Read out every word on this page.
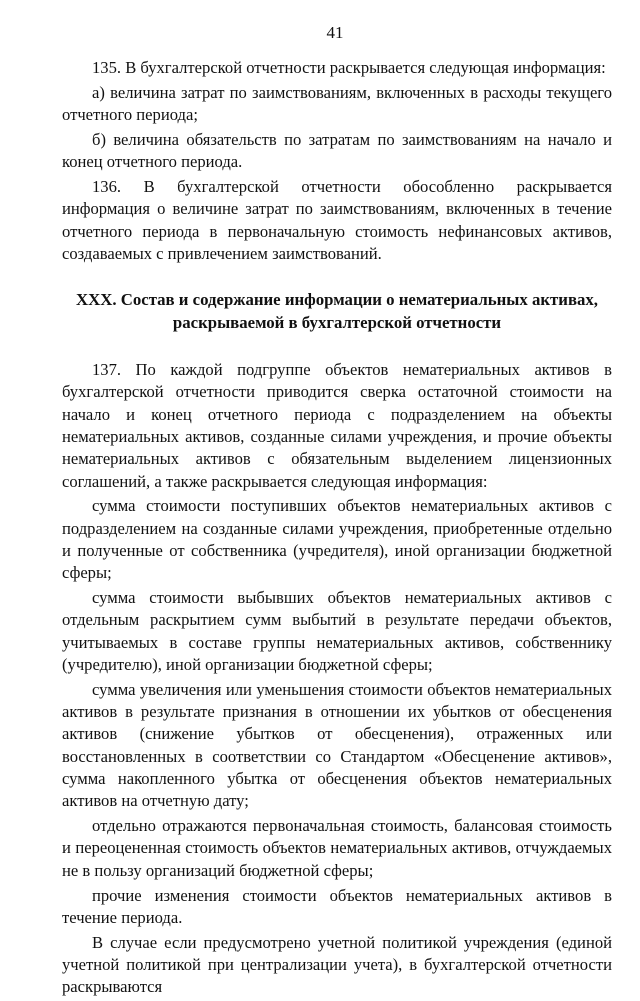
41

135. В бухгалтерской отчетности раскрывается следующая информация:

а) величина затрат по заимствованиям, включенных в расходы текущего отчетного периода;

б) величина обязательств по затратам по заимствованиям на начало и конец отчетного периода.

136. В бухгалтерской отчетности обособленно раскрывается информация о величине затрат по заимствованиям, включенных в течение отчетного периода в первоначальную стоимость нефинансовых активов, создаваемых с привлечением заимствований.

XXX. Состав и содержание информации о нематериальных активах,
раскрываемой в бухгалтерской отчетности

137. По каждой подгруппе объектов нематериальных активов в бухгалтерской отчетности приводится сверка остаточной стоимости на начало и конец отчетного периода с подразделением на объекты нематериальных активов, созданные силами учреждения, и прочие объекты нематериальных активов с обязательным выделением лицензионных соглашений, а также раскрывается следующая информация:

сумма стоимости поступивших объектов нематериальных активов с подразделением на созданные силами учреждения, приобретенные отдельно и полученные от собственника (учредителя), иной организации бюджетной сферы;

сумма стоимости выбывших объектов нематериальных активов с отдельным раскрытием сумм выбытий в результате передачи объектов, учитываемых в составе группы нематериальных активов, собственнику (учредителю), иной организации бюджетной сферы;

сумма увеличения или уменьшения стоимости объектов нематериальных активов в результате признания в отношении их убытков от обесценения активов (снижение убытков от обесценения), отраженных или восстановленных в соответствии со Стандартом «Обесценение активов», сумма накопленного убытка от обесценения объектов нематериальных активов на отчетную дату;

отдельно отражаются первоначальная стоимость, балансовая стоимость и переоцененная стоимость объектов нематериальных активов, отчуждаемых не в пользу организаций бюджетной сферы;

прочие изменения стоимости объектов нематериальных активов в течение периода.

В случае если предусмотрено учетной политикой учреждения (единой учетной политикой при централизации учета), в бухгалтерской отчетности раскрываются
